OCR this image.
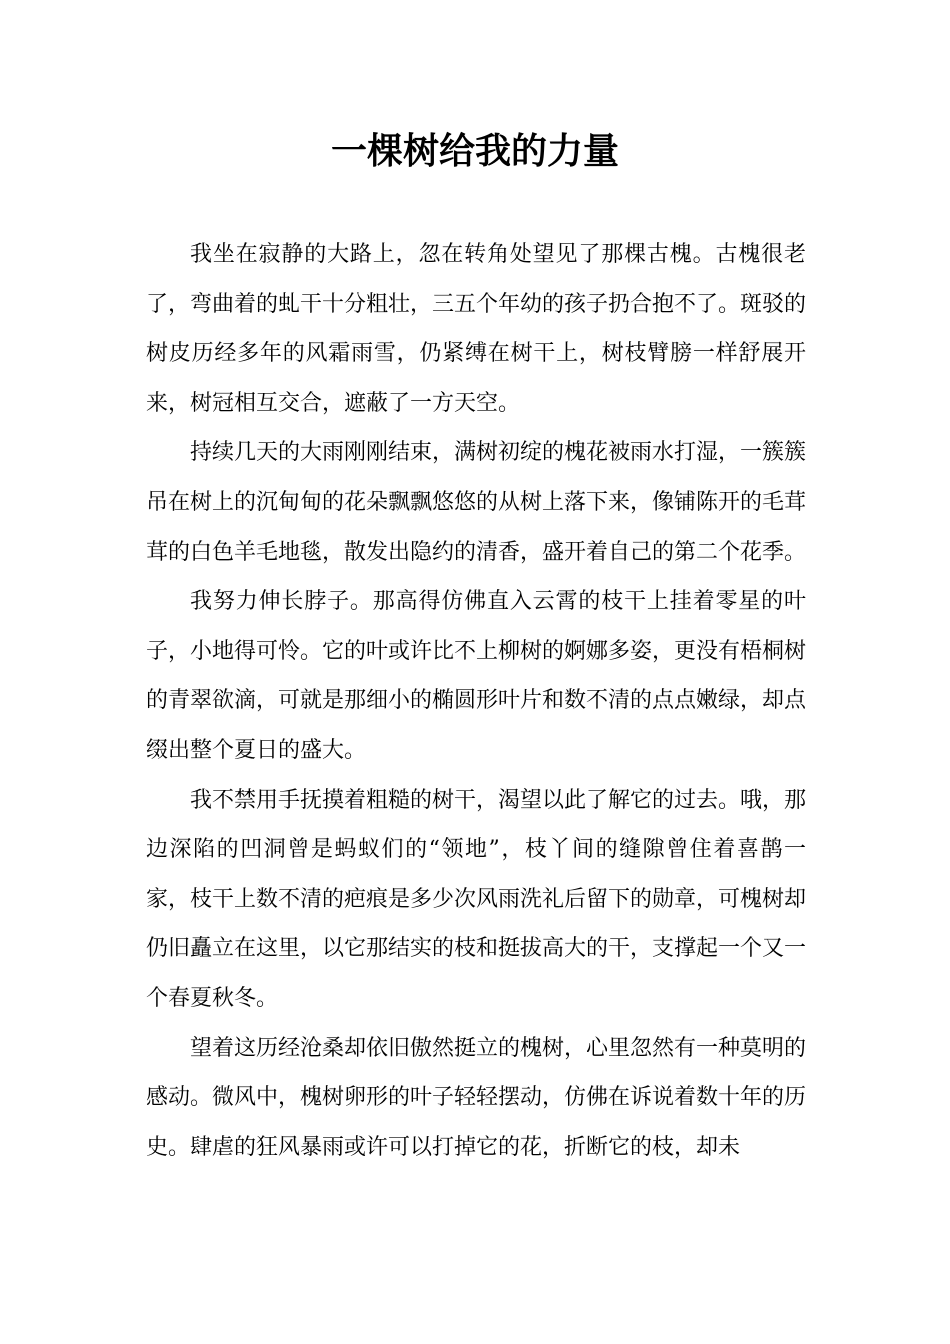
一棵树给我的力量

我坐在寂静的大路上，忽在转角处望见了那棵古槐。古槐很老了，弯曲着的虬干十分粗壮，三五个年幼的孩子扔合抱不了。斑驳的树皮历经多年的风霜雨雪，仍紧缚在树干上，树枝臂膀一样舒展开来，树冠相互交合，遮蔽了一方天空。

持续几天的大雨刚刚结束，满树初绽的槐花被雨水打湿，一簇簇吊在树上的沉甸甸的花朵飘飘悠悠的从树上落下来，像铺陈开的毛茸茸的白色羊毛地毯，散发出隐约的清香，盛开着自己的第二个花季。

我努力伸长脖子。那高得仿佛直入云霄的枝干上挂着零星的叶子，小地得可怜。它的叶或许比不上柳树的婀娜多姿，更没有梧桐树的青翠欲滴，可就是那细小的椭圆形叶片和数不清的点点嫩绿，却点缀出整个夏日的盛大。

我不禁用手抚摸着粗糙的树干，渴望以此了解它的过去。哦，那边深陷的凹洞曾是蚂蚁们的“领地”，枝丫间的缝隙曾住着喜鹊一家，枝干上数不清的疤痕是多少次风雨洗礼后留下的勋章，可槐树却仍旧矗立在这里，以它那结实的枝和挺拔高大的干，支撑起一个又一个春夏秋冬。

望着这历经沧桑却依旧傲然挺立的槐树，心里忽然有一种莫明的感动。微风中，槐树卵形的叶子轻轻摆动，仿佛在诉说着数十年的历史。肆虐的狂风暴雨或许可以打掉它的花，折断它的枝，却未
